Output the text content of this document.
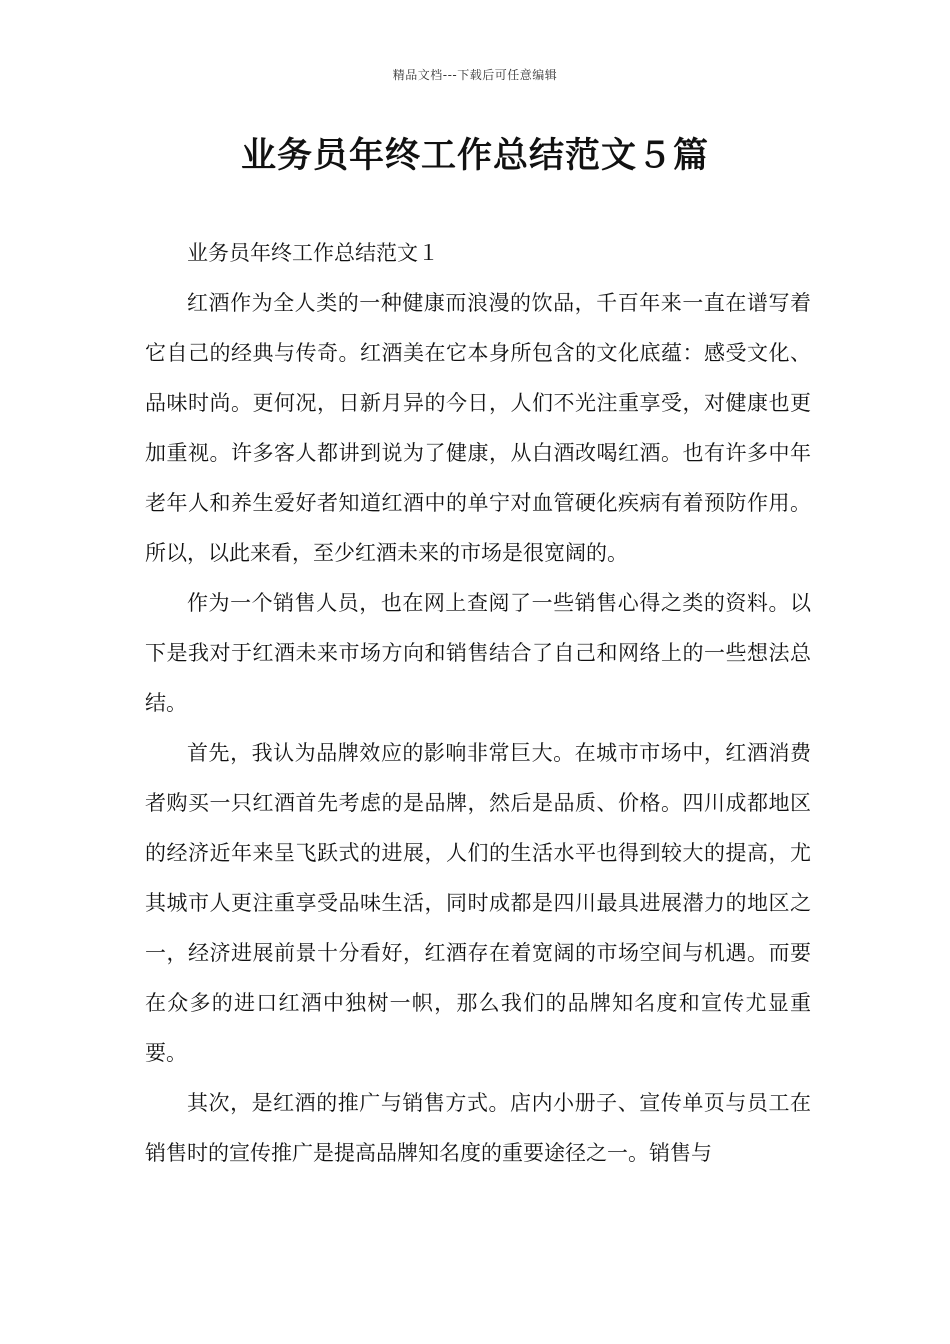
精品文档---下载后可任意编辑
业务员年终工作总结范文５篇

业务员年终工作总结范文１

红酒作为全人类的一种健康而浪漫的饮品，千百年来一直在谱写着它自己的经典与传奇。红酒美在它本身所包含的文化底蕴：感受文化、品味时尚。更何况，日新月异的今日，人们不光注重享受，对健康也更加重视。许多客人都讲到说为了健康，从白酒改喝红酒。也有许多中年老年人和养生爱好者知道红酒中的单宁对血管硬化疾病有着预防作用。所以，以此来看，至少红酒未来的市场是很宽阔的。

作为一个销售人员，也在网上查阅了一些销售心得之类的资料。以下是我对于红酒未来市场方向和销售结合了自己和网络上的一些想法总结。

首先，我认为品牌效应的影响非常巨大。在城市市场中，红酒消费者购买一只红酒首先考虑的是品牌，然后是品质、价格。四川成都地区的经济近年来呈飞跃式的进展，人们的生活水平也得到较大的提高，尤其城市人更注重享受品味生活，同时成都是四川最具进展潜力的地区之一，经济进展前景十分看好，红酒存在着宽阔的市场空间与机遇。而要在众多的进口红酒中独树一帜，那么我们的品牌知名度和宣传尤显重要。

其次，是红酒的推广与销售方式。店内小册子、宣传单页与员工在销售时的宣传推广是提高品牌知名度的重要途径之一。销售与
